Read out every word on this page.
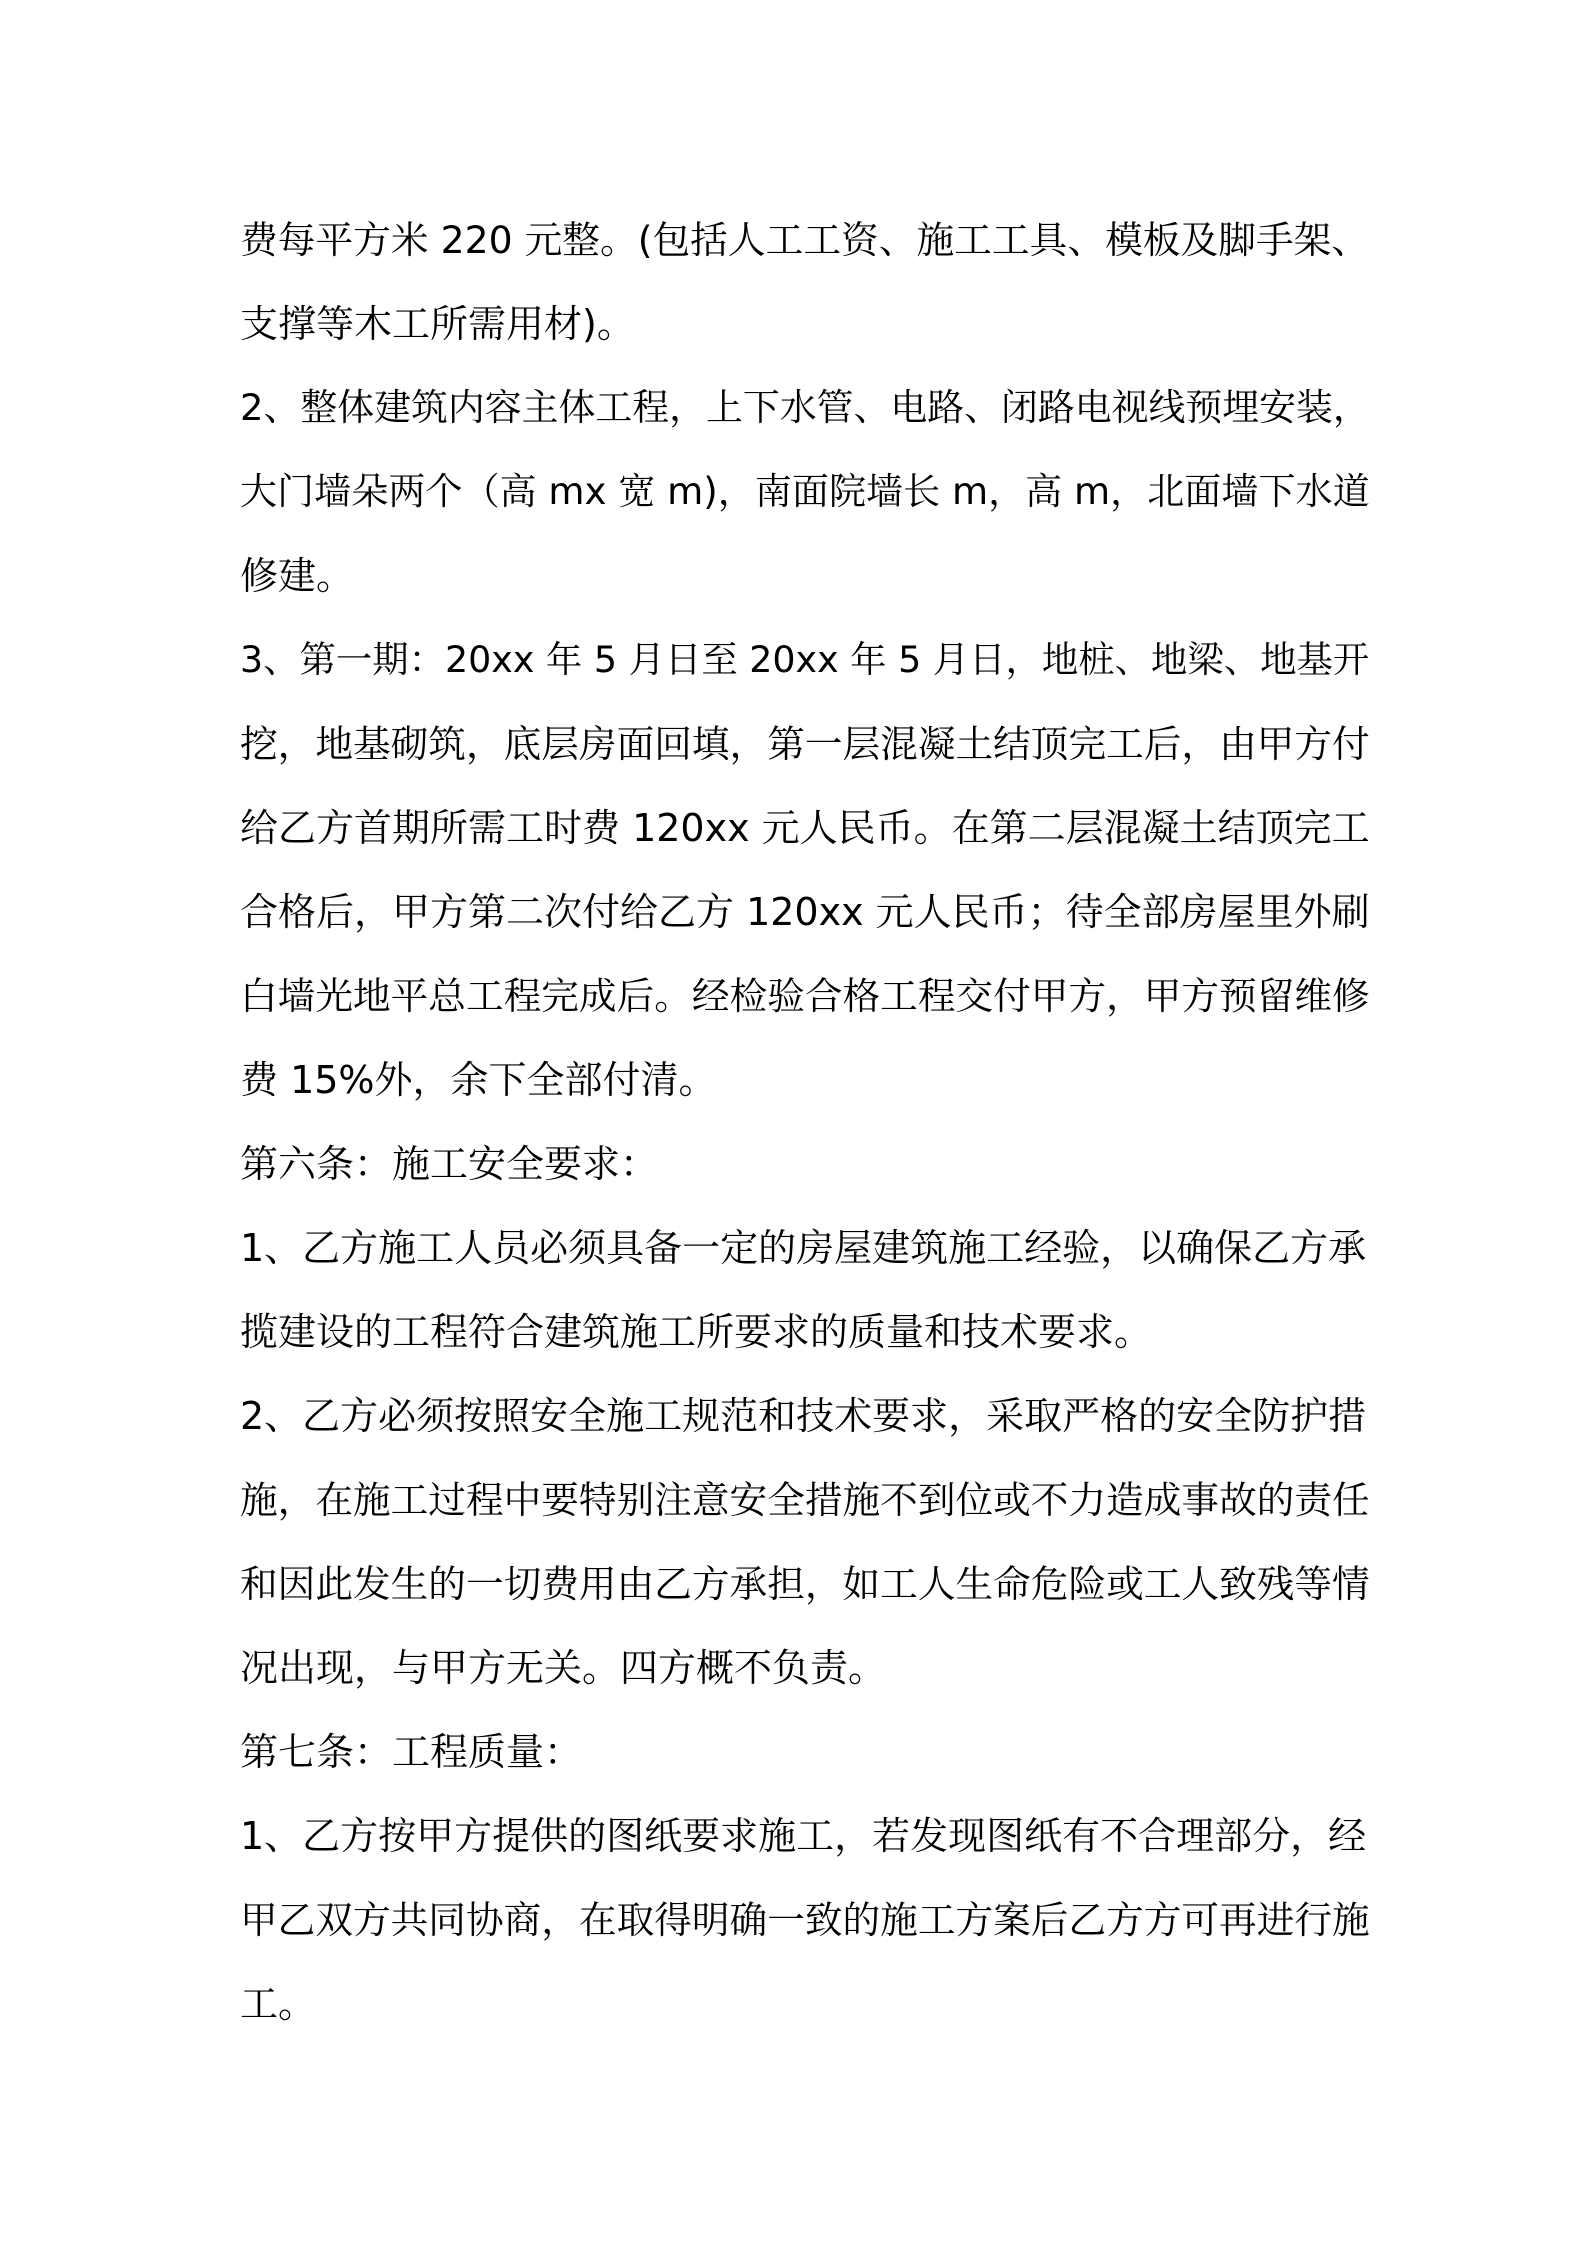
费每平方米 220 元整。(包括人工工资、施工工具、模板及脚手架、
支撑等木工所需用材)。
2、整体建筑内容主体工程，上下水管、电路、闭路电视线预埋安装，
大门墙朵两个（高 mx 宽 m)，南面院墙长 m，高 m，北面墙下水道
修建。
3、第一期：20xx 年 5 月日至 20xx 年 5 月日，地桩、地梁、地基开
挖，地基砌筑，底层房面回填，第一层混凝土结顶完工后，由甲方付
给乙方首期所需工时费 120xx 元人民币。在第二层混凝土结顶完工
合格后，甲方第二次付给乙方 120xx 元人民币；待全部房屋里外刷
白墙光地平总工程完成后。经检验合格工程交付甲方，甲方预留维修
费 15%外，余下全部付清。
第六条：施工安全要求：
1、乙方施工人员必须具备一定的房屋建筑施工经验，以确保乙方承
揽建设的工程符合建筑施工所要求的质量和技术要求。
2、乙方必须按照安全施工规范和技术要求，采取严格的安全防护措
施，在施工过程中要特别注意安全措施不到位或不力造成事故的责任
和因此发生的一切费用由乙方承担，如工人生命危险或工人致残等情
况出现，与甲方无关。四方概不负责。
第七条：工程质量：
1、乙方按甲方提供的图纸要求施工，若发现图纸有不合理部分，经
甲乙双方共同协商，在取得明确一致的施工方案后乙方方可再进行施
工。
